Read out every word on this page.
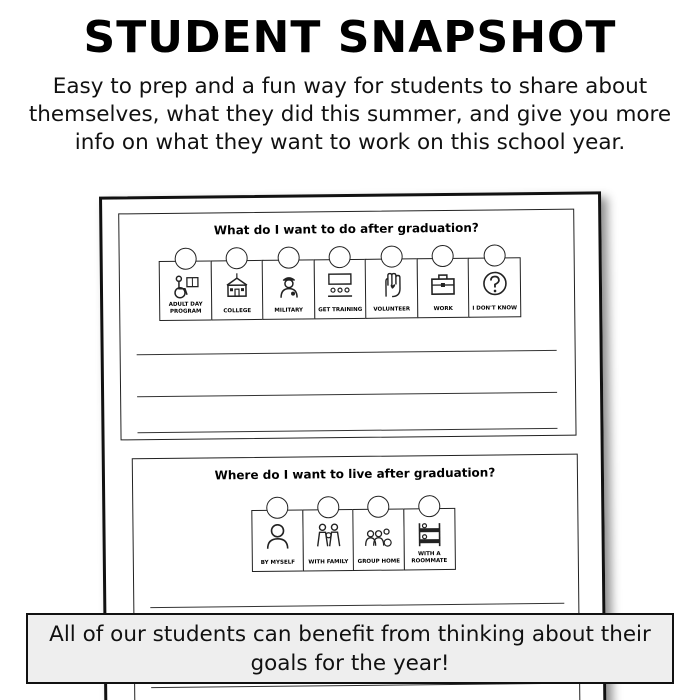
STUDENT SNAPSHOT
Easy to prep and a fun way for students to share about themselves, what they did this summer, and give you more info on what they want to work on this school year.
What do I want to do after graduation?
ADULT DAY PROGRAM	COLLEGE	MILITARY	GET TRAINING	VOLUNTEER	WORK	I DON'T KNOW
Where do I want to live after graduation?
BY MYSELF	WITH FAMILY	GROUP HOME
WITH A ROOMMATE
All of our students can benefit from thinking about their goals for the year!
